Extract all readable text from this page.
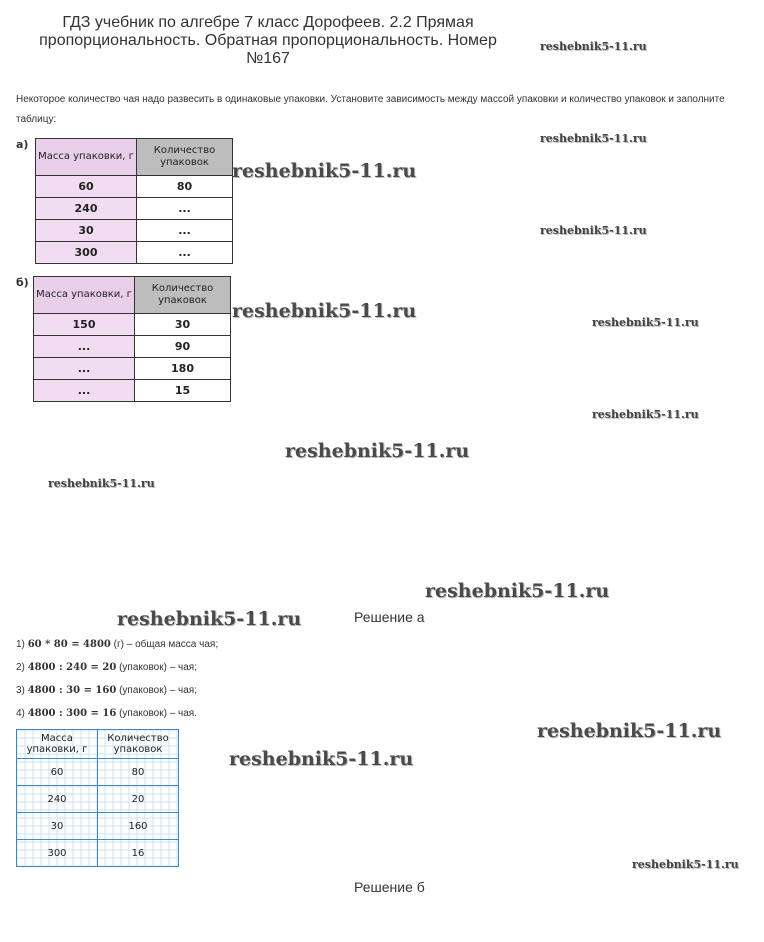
ГДЗ учебник по алгебре 7 класс Дорофеев. 2.2 Прямая пропорциональность. Обратная пропорциональность. Номер №167
reshebnik5-11.ru
reshebnik5-11.ru
reshebnik5-11.ru
reshebnik5-11.ru
reshebnik5-11.ru
reshebnik5-11.ru
reshebnik5-11.ru
reshebnik5-11.ru
reshebnik5-11.ru
reshebnik5-11.ru
reshebnik5-11.ru
reshebnik5-11.ru
reshebnik5-11.ru
reshebnik5-11.ru
Некоторое количество чая надо развесить в одинаковые упаковки. Установите зависимость между массой упаковки и количество упаковок и заполните таблицу:
а)
Масса упаковки, г	Количество упаковок
60	80
240	...
30	...
300	...
б)
Масса упаковки, г	Количество упаковок
150	30
...	90
...	180
...	15
Решение а
1) 60 * 80 = 4800 (г) – общая масса чая;
2) 4800 : 240 = 20 (упаковок) – чая;
3) 4800 : 30 = 160 (упаковок) – чая;
4) 4800 : 300 = 16 (упаковок) – чая.
Масса упаковки, г	Количество упаковок
60	80
240	20
30	160
300	16
Решение б
